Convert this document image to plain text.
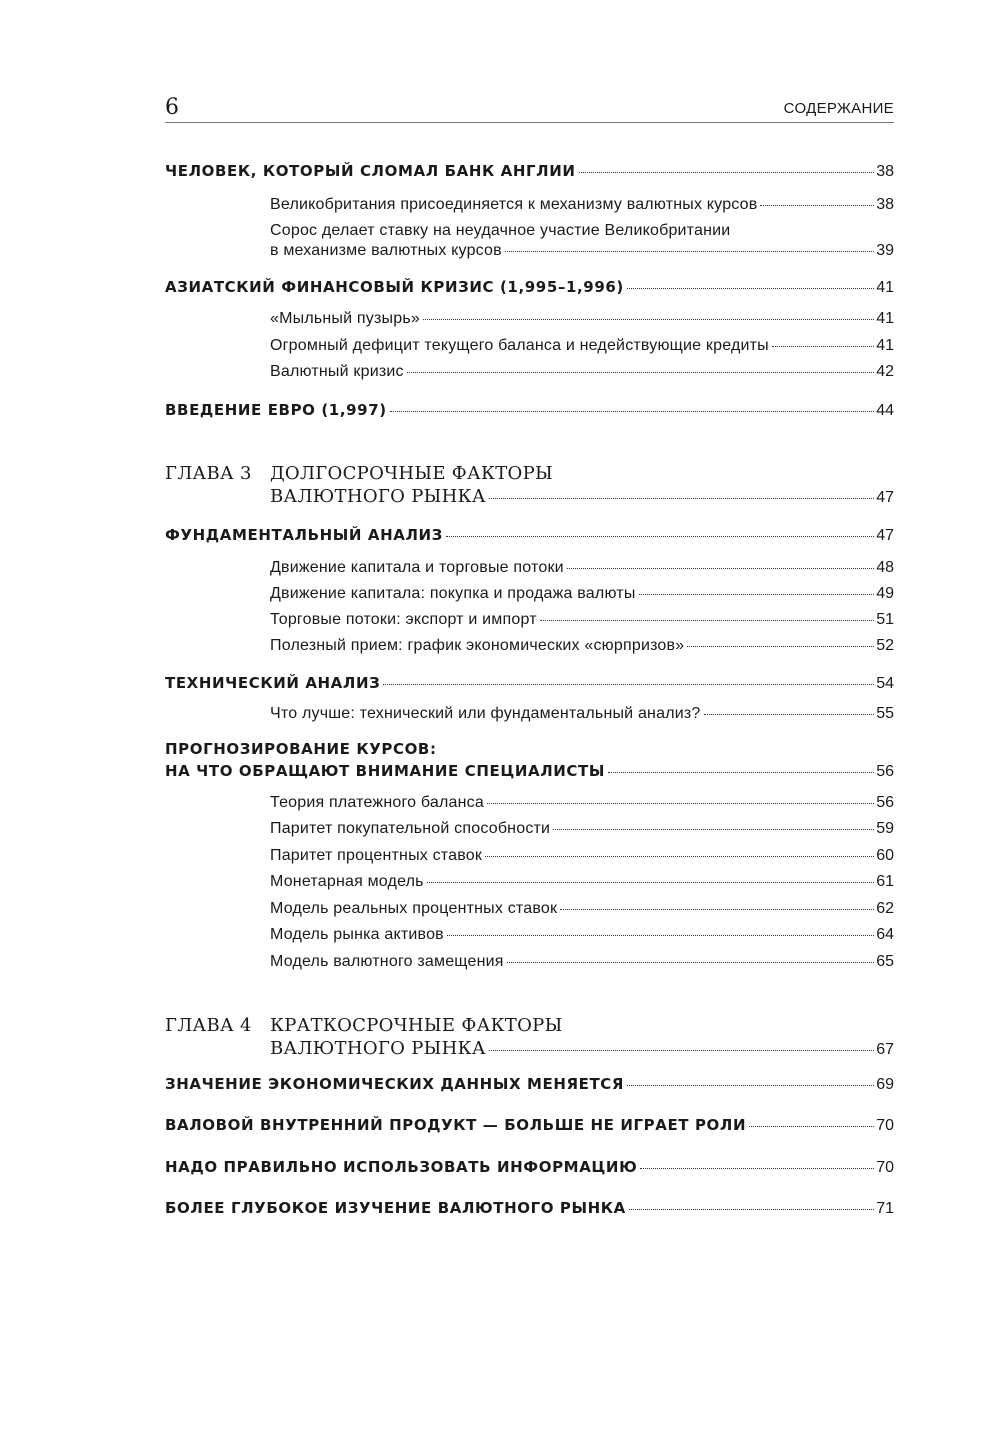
6	СОДЕРЖАНИЕ
ЧЕЛОВЕК, КОТОРЫЙ СЛОМАЛ БАНК АНГЛИИ	38
Великобритания присоединяется к механизму валютных курсов	38
Сорос делает ставку на неудачное участие Великобритании
в механизме валютных курсов	39
АЗИАТСКИЙ ФИНАНСОВЫЙ КРИЗИС (1,995–1,996)	41
«Мыльный пузырь»	41
Огромный дефицит текущего баланса и недействующие кредиты	41
Валютный кризис	42
ВВЕДЕНИЕ ЕВРО (1,997)	44
ГЛАВА 3 ДОЛГОСРОЧНЫЕ ФАКТОРЫ
ВАЛЮТНОГО РЫНКА	47
ФУНДАМЕНТАЛЬНЫЙ АНАЛИЗ	47
Движение капитала и торговые потоки	48
Движение капитала: покупка и продажа валюты	49
Торговые потоки: экспорт и импорт	51
Полезный прием: график экономических «сюрпризов»	52
ТЕХНИЧЕСКИЙ АНАЛИЗ	54
Что лучше: технический или фундаментальный анализ?	55
ПРОГНОЗИРОВАНИЕ КУРСОВ:
НА ЧТО ОБРАЩАЮТ ВНИМАНИЕ СПЕЦИАЛИСТЫ	56
Теория платежного баланса	56
Паритет покупательной способности	59
Паритет процентных ставок	60
Монетарная модель	61
Модель реальных процентных ставок	62
Модель рынка активов	64
Модель валютного замещения	65
ГЛАВА 4 КРАТКОСРОЧНЫЕ ФАКТОРЫ
ВАЛЮТНОГО РЫНКА	67
ЗНАЧЕНИЕ ЭКОНОМИЧЕСКИХ ДАННЫХ МЕНЯЕТСЯ	69
ВАЛОВОЙ ВНУТРЕННИЙ ПРОДУКТ — БОЛЬШЕ НЕ ИГРАЕТ РОЛИ	70
НАДО ПРАВИЛЬНО ИСПОЛЬЗОВАТЬ ИНФОРМАЦИЮ	70
БОЛЕЕ ГЛУБОКОЕ ИЗУЧЕНИЕ ВАЛЮТНОГО РЫНКА	71
